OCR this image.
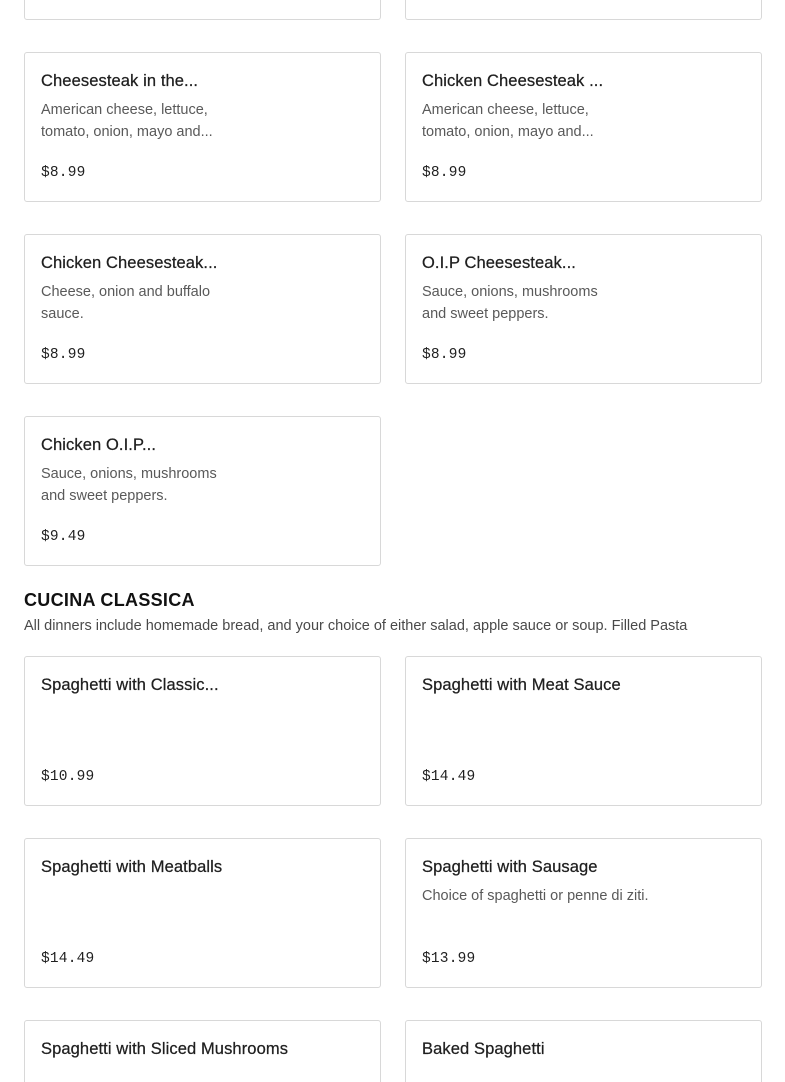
Cheesesteak in the...
American cheese, lettuce, tomato, onion, mayo and...
$8.99
Chicken Cheesesteak ...
American cheese, lettuce, tomato, onion, mayo and...
$8.99
Chicken Cheesesteak...
Cheese, onion and buffalo sauce.
$8.99
O.I.P Cheesesteak...
Sauce, onions, mushrooms and sweet peppers.
$8.99
Chicken O.I.P...
Sauce, onions, mushrooms and sweet peppers.
$9.49
CUCINA CLASSICA

All dinners include homemade bread, and your choice of either salad, apple sauce or soup. Filled Pasta

Spaghetti with Classic...
$10.99
Spaghetti with Meat Sauce
$14.49
Spaghetti with Meatballs
$14.49
Spaghetti with Sausage
Choice of spaghetti or penne di ziti.
$13.99
Spaghetti with Sliced Mushrooms	Baked Spaghetti
